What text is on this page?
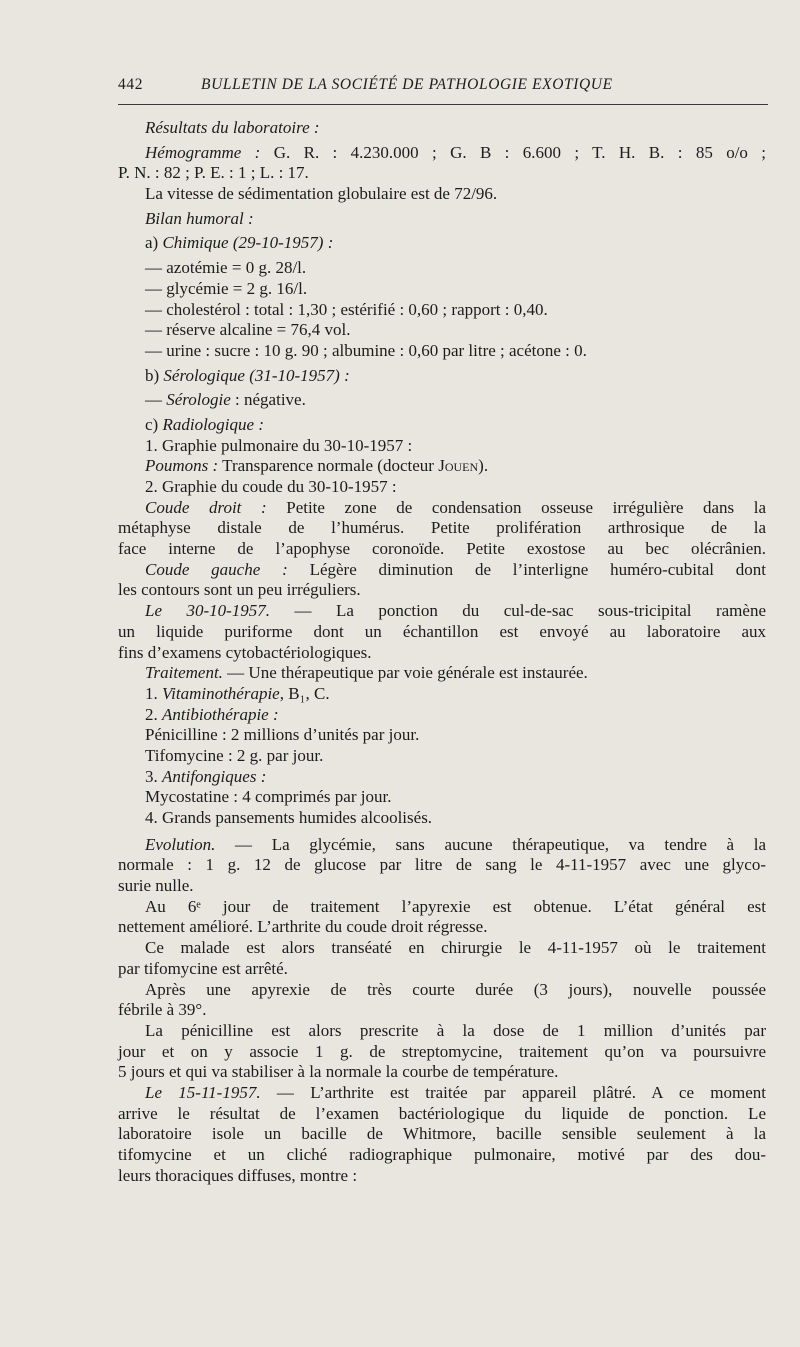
442	BULLETIN DE LA SOCIÉTÉ DE PATHOLOGIE EXOTIQUE
Résultats du laboratoire :
Hémogramme : G. R. : 4.230.000 ; G. B : 6.600 ; T. H. B. : 85 o/o ;
P. N. : 82 ; P. E. : 1 ; L. : 17.
La vitesse de sédimentation globulaire est de 72/96.
Bilan humoral :
a) Chimique (29-10-1957) :
— azotémie = 0 g. 28/l.
— glycémie = 2 g. 16/l.
— cholestérol : total : 1,30 ; estérifié : 0,60 ; rapport : 0,40.
— réserve alcaline = 76,4 vol.
— urine : sucre : 10 g. 90 ; albumine : 0,60 par litre ; acétone : 0.
b) Sérologique (31-10-1957) :
— Sérologie : négative.
c) Radiologique :
1. Graphie pulmonaire du 30-10-1957 :
Poumons : Transparence normale (docteur Jouen).
2. Graphie du coude du 30-10-1957 :
Coude droit : Petite zone de condensation osseuse irrégulière dans la
métaphyse distale de l’humérus. Petite prolifération arthrosique de la
face interne de l’apophyse coronoïde. Petite exostose au bec olécrânien.
Coude gauche : Légère diminution de l’interligne huméro-cubital dont
les contours sont un peu irréguliers.
Le 30-10-1957. — La ponction du cul-de-sac sous-tricipital ramène
un liquide puriforme dont un échantillon est envoyé au laboratoire aux
fins d’examens cytobactériologiques.
Traitement. — Une thérapeutique par voie générale est instaurée.
1. Vitaminothérapie, B₁, C.
2. Antibiothérapie :
Pénicilline : 2 millions d’unités par jour.
Tifomycine : 2 g. par jour.
3. Antifongiques :
Mycostatine : 4 comprimés par jour.
4. Grands pansements humides alcoolisés.
Evolution. — La glycémie, sans aucune thérapeutique, va tendre à la
normale : 1 g. 12 de glucose par litre de sang le 4-11-1957 avec une glyco-
surie nulle.
Au 6ᵉ jour de traitement l’apyrexie est obtenue. L’état général est
nettement amélioré. L’arthrite du coude droit régresse.
Ce malade est alors transéaté en chirurgie le 4-11-1957 où le traitement
par tifomycine est arrêté.
Après une apyrexie de très courte durée (3 jours), nouvelle poussée
fébrile à 39°.
La pénicilline est alors prescrite à la dose de 1 million d’unités par
jour et on y associe 1 g. de streptomycine, traitement qu’on va poursuivre
5 jours et qui va stabiliser à la normale la courbe de température.
Le 15-11-1957. — L’arthrite est traitée par appareil plâtré. A ce moment
arrive le résultat de l’examen bactériologique du liquide de ponction. Le
laboratoire isole un bacille de Whitmore, bacille sensible seulement à la
tifomycine et un cliché radiographique pulmonaire, motivé par des dou-
leurs thoraciques diffuses, montre :
